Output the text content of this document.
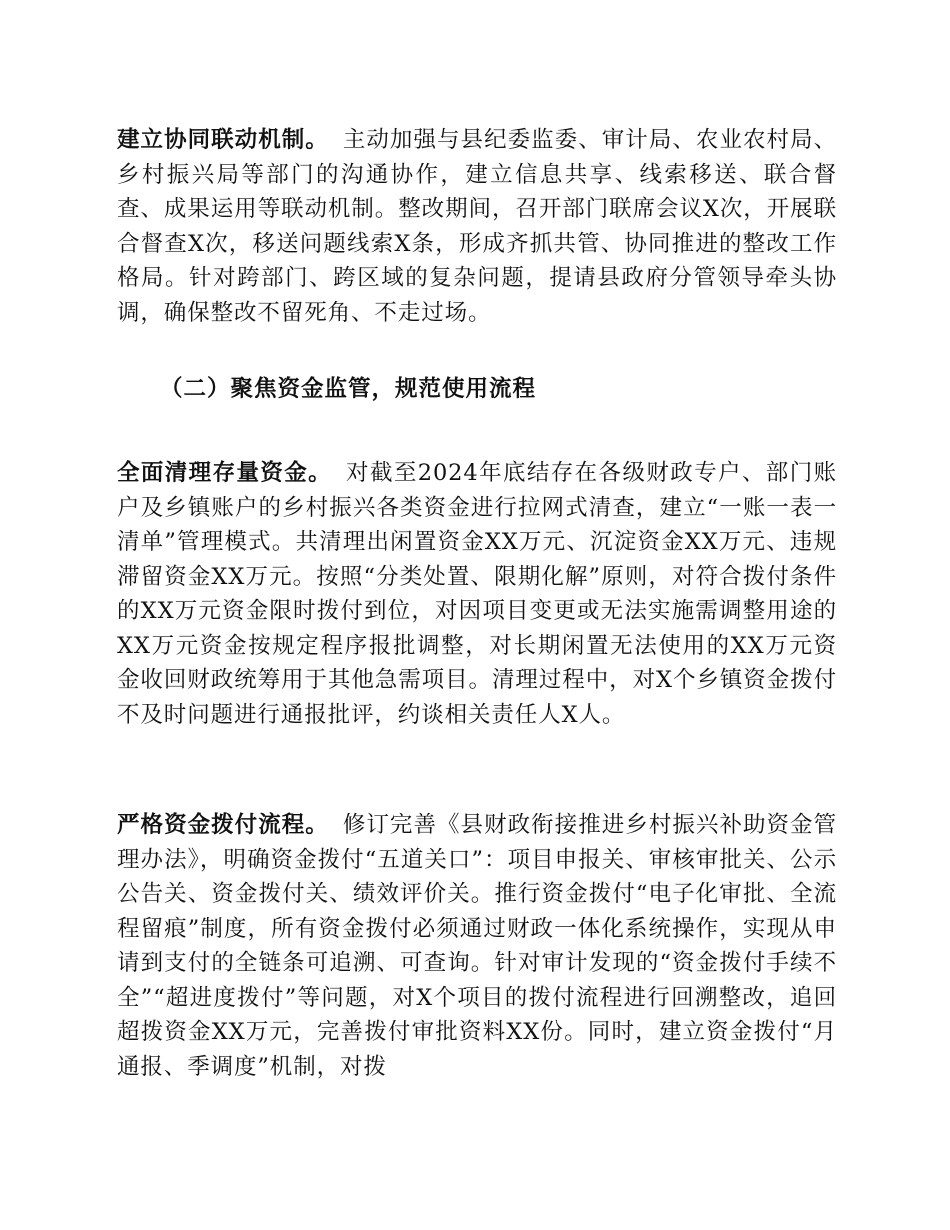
建立协同联动机制。 主动加强与县纪委监委、审计局、农业农村局、乡村振兴局等部门的沟通协作，建立信息共享、线索移送、联合督查、成果运用等联动机制。整改期间，召开部门联席会议X次，开展联合督查X次，移送问题线索X条，形成齐抓共管、协同推进的整改工作格局。针对跨部门、跨区域的复杂问题，提请县政府分管领导牵头协调，确保整改不留死角、不走过场。

（二）聚焦资金监管，规范使用流程

全面清理存量资金。 对截至2024年底结存在各级财政专户、部门账户及乡镇账户的乡村振兴各类资金进行拉网式清查，建立“一账一表一清单”管理模式。共清理出闲置资金XX万元、沉淀资金XX万元、违规滞留资金XX万元。按照“分类处置、限期化解”原则，对符合拨付条件的XX万元资金限时拨付到位，对因项目变更或无法实施需调整用途的XX万元资金按规定程序报批调整，对长期闲置无法使用的XX万元资金收回财政统筹用于其他急需项目。清理过程中，对X个乡镇资金拨付不及时问题进行通报批评，约谈相关责任人X人。

严格资金拨付流程。 修订完善《县财政衔接推进乡村振兴补助资金管理办法》，明确资金拨付“五道关口”：项目申报关、审核审批关、公示公告关、资金拨付关、绩效评价关。推行资金拨付“电子化审批、全流程留痕”制度，所有资金拨付必须通过财政一体化系统操作，实现从申请到支付的全链条可追溯、可查询。针对审计发现的“资金拨付手续不全”“超进度拨付”等问题，对X个项目的拨付流程进行回溯整改，追回超拨资金XX万元，完善拨付审批资料XX份。同时，建立资金拨付“月通报、季调度”机制，对拨
